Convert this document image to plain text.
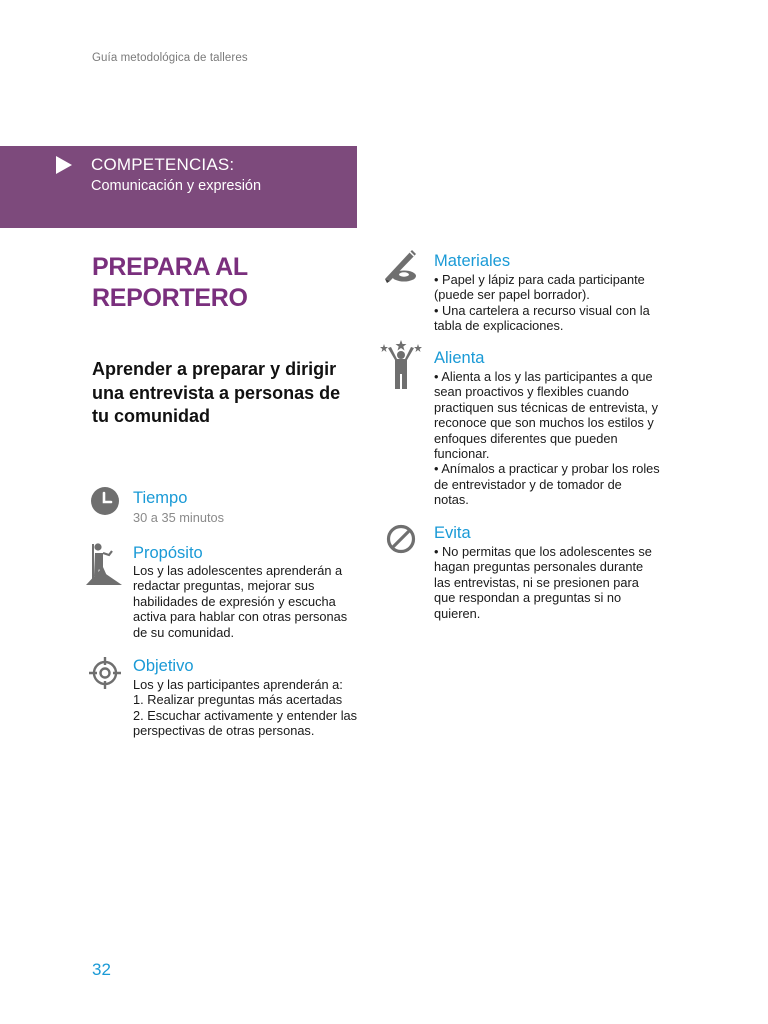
Guía metodológica de talleres
COMPETENCIAS:
Comunicación y expresión
PREPARA AL REPORTERO
Aprender a preparar y dirigir una entrevista a personas de tu comunidad
Tiempo
30 a 35 minutos
Propósito
Los y las adolescentes aprenderán a redactar preguntas, mejorar sus habilidades de expresión y escucha activa para hablar con otras personas de su comunidad.
Objetivo

Los y las participantes aprenderán a:

1. Realizar preguntas más acertadas

2. Escuchar activamente y entender las perspectivas de otras personas.

Materiales

• Papel y lápiz para cada participante (puede ser papel borrador).

• Una cartelera a recurso visual con la tabla de explicaciones.

Alienta

• Alienta a los y las participantes a que sean proactivos y flexibles cuando practiquen sus técnicas de entrevista, y reconoce que son muchos los estilos y enfoques diferentes que pueden funcionar.

• Anímalos a practicar y probar los roles de entrevistador y de tomador de notas.

Evita

• No permitas que los adolescentes se hagan preguntas personales durante las entrevistas, ni se presionen para que respondan a preguntas si no quieren.

32
